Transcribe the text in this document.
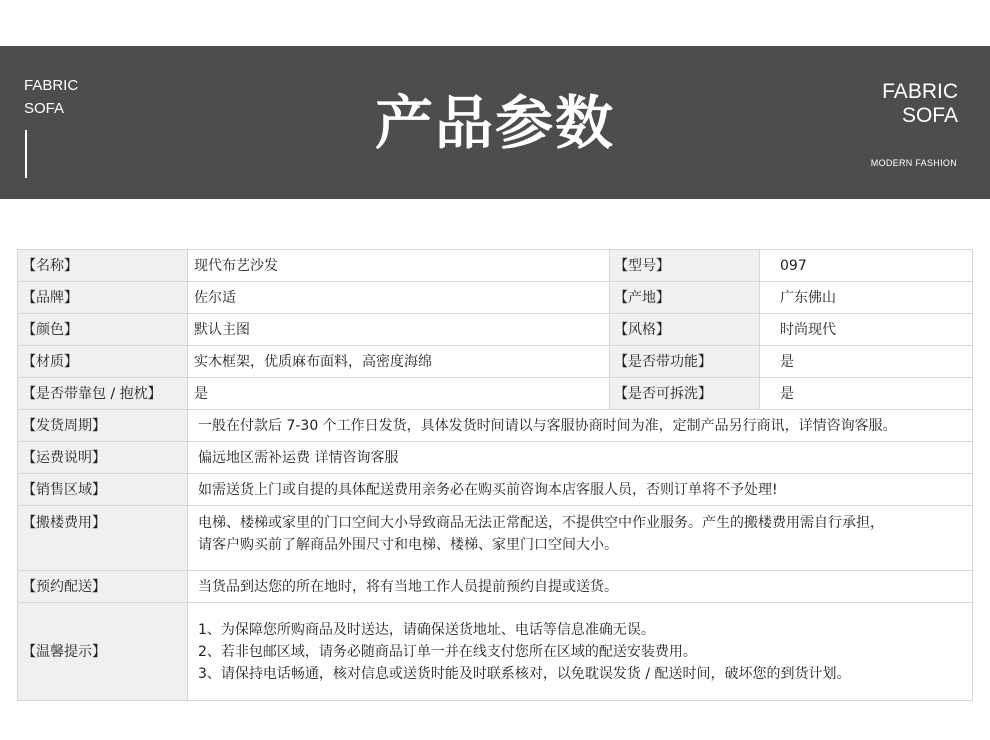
FABRIC
SOFA	产品参数	FABRIC
SOFA
MODERN FASHION
【名称】	现代布艺沙发	【型号】	097
【品牌】	佐尔适	【产地】	广东佛山
【颜色】	默认主图	【风格】	时尚现代
【材质】	实木框架，优质麻布面料，高密度海绵	【是否带功能】	是
【是否带靠包 / 抱枕】	是	【是否可拆洗】	是
【发货周期】	一般在付款后 7-30 个工作日发货，具体发货时间请以与客服协商时间为准，定制产品另行商讯，详情咨询客服。		

【运费说明】	偏远地区需补运费 详情咨询客服		

【销售区域】	如需送货上门或自提的具体配送费用亲务必在购买前咨询本店客服人员，否则订单将不予处理!		

【搬楼费用】	电梯、楼梯或家里的门口空间大小导致商品无法正常配送，不提供空中作业服务。产生的搬楼费用需自行承担，
请客户购买前了解商品外围尺寸和电梯、楼梯、家里门口空间大小。		

【预约配送】	当货品到达您的所在地时，将有当地工作人员提前预约自提或送货。		

【温馨提示】	1、为保障您所购商品及时送达，请确保送货地址、电话等信息准确无误。
2、若非包邮区域，请务必随商品订单一并在线支付您所在区域的配送安装费用。
3、请保持电话畅通，核对信息或送货时能及时联系核对，以免耽误发货 / 配送时间，破坏您的到货计划。		
